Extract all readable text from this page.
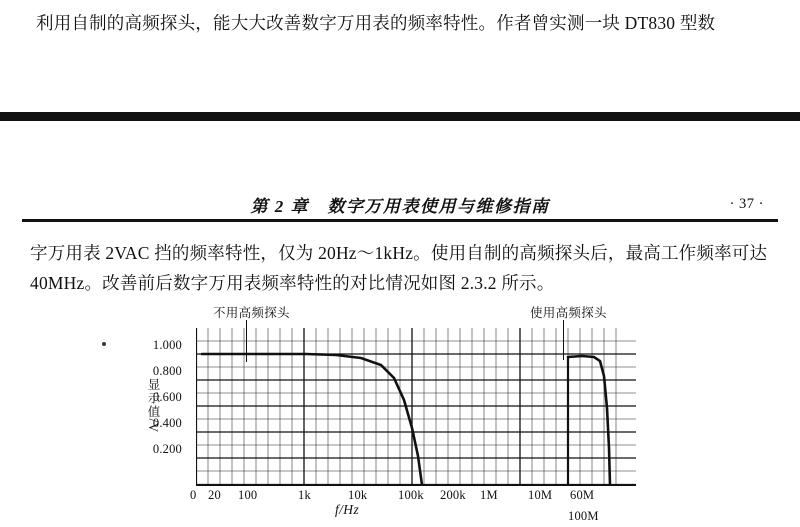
利用自制的高频探头，能大大改善数字万用表的频率特性。作者曾实测一块 DT830 型数
第 2 章　数字万用表使用与维修指南	· 37 ·

字万用表 2VAC 挡的频率特性，仅为 20Hz～1kHz。使用自制的高频探头后，最高工作频率可达 40MHz。改善前后数字万用表频率特性的对比情况如图 2.3.2 所示。

不用高频探头	使用高频探头
显示值/V
1.000
0.800
0.600
0.400
0.200
0 20 100	1k	10k 100k 200k 1M 10M 60M
100M
f/Hz
